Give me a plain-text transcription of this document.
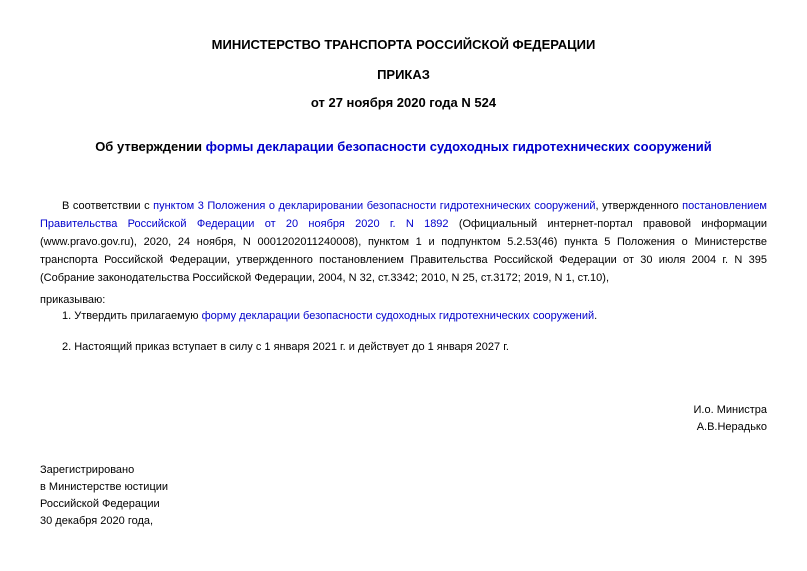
МИНИСТЕРСТВО ТРАНСПОРТА РОССИЙСКОЙ ФЕДЕРАЦИИ
ПРИКАЗ
от 27 ноября 2020 года N 524
Об утверждении формы декларации безопасности судоходных гидротехнических сооружений
В соответствии с пунктом 3 Положения о декларировании безопасности гидротехнических сооружений, утвержденного постановлением Правительства Российской Федерации от 20 ноября 2020 г. N 1892 (Официальный интернет-портал правовой информации (www.pravo.gov.ru), 2020, 24 ноября, N 0001202011240008), пунктом 1 и подпунктом 5.2.53(46) пункта 5 Положения о Министерстве транспорта Российской Федерации, утвержденного постановлением Правительства Российской Федерации от 30 июля 2004 г. N 395 (Собрание законодательства Российской Федерации, 2004, N 32, ст.3342; 2010, N 25, ст.3172; 2019, N 1, ст.10),
приказываю:
1. Утвердить прилагаемую форму декларации безопасности судоходных гидротехнических сооружений.
2. Настоящий приказ вступает в силу с 1 января 2021 г. и действует до 1 января 2027 г.
И.о. Министра
А.В.Нерадько
Зарегистрировано
в Министерстве юстиции
Российской Федерации
30 декабря 2020 года,
